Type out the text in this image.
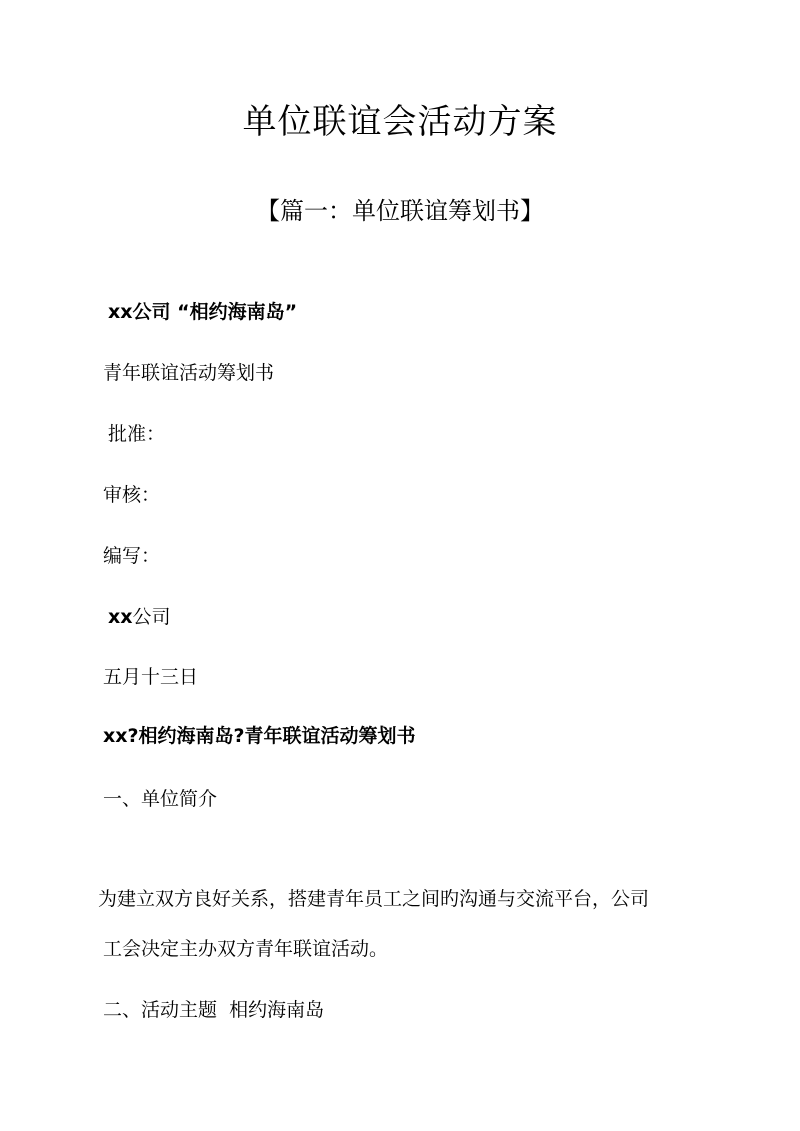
单位联谊会活动方案
【篇一：单位联谊筹划书】

xx公司 “相约海南岛”

青年联谊活动筹划书

批准：

审核：

编写：

xx公司

五月十三日

xx?相约海南岛?青年联谊活动筹划书

一、单位简介

为建立双方良好关系，搭建青年员工之间旳沟通与交流平台，公司

工会决定主办双方青年联谊活动。

二、活动主题  相约海南岛
